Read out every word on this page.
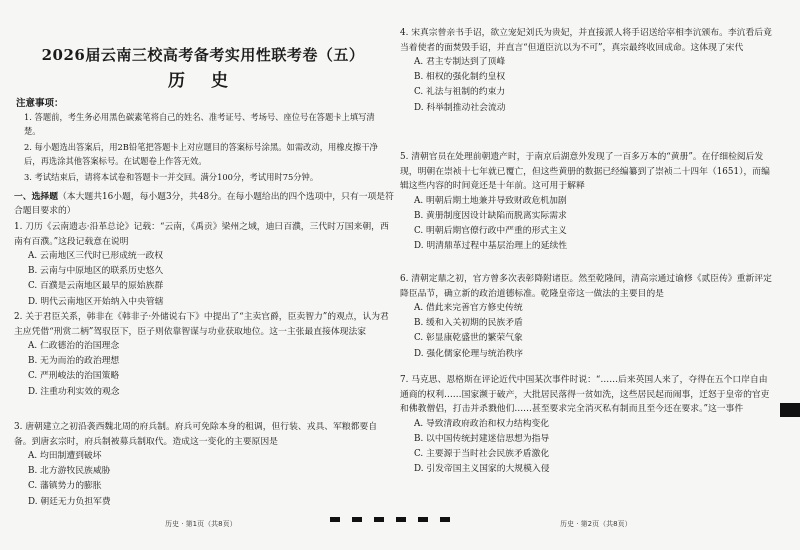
2026届云南三校高考备考实用性联考卷（五）
历 史
注意事项：
1. 答题前，考生务必用黑色碳素笔将自己的姓名、准考证号、考场号、座位号在答题卡上填写清楚。
2. 每小题选出答案后，用2B铅笔把答题卡上对应题目的答案标号涂黑。如需改动，用橡皮擦干净后，再选涂其他答案标号。在试题卷上作答无效。
3. 考试结束后，请将本试卷和答题卡一并交回。满分100分，考试用时75分钟。
一、选择题（本大题共16小题，每小题3分，共48分。在每小题给出的四个选项中，只有一项是符合题目要求的）

1. 刀历《云南遗志·沿革总论》记载：“云南，《禹贡》梁州之域，迪曰百濮，三代时万国来朝，西南有百濮。”这段记载意在说明

A. 云南地区三代时已形成统一政权

B. 云南与中原地区的联系历史悠久

C. 百濮是云南地区最早的原始族群

D. 明代云南地区开始纳入中央管辖

2. 关于君臣关系，韩非在《韩非子·外储说右下》中提出了“主卖官爵，臣卖智力”的观点，认为君主应凭借“刑赏二柄”驾驭臣下，臣子则依靠智谋与功业获取地位。这一主张最直接体现法家

A. 仁政德治的治国理念

B. 无为而治的政治理想

C. 严刑峻法的治国策略

D. 注重功利实效的观念

3. 唐朝建立之初沿袭西魏北周的府兵制。府兵可免除本身的租调，但行装、戎具、军粮都要自备。到唐玄宗时，府兵制被募兵制取代。造成这一变化的主要原因是

A. 均田制遭到破坏

B. 北方游牧民族威胁

C. 藩镇势力的膨胀

D. 朝廷无力负担军费

4. 宋真宗曾亲书手诏，欲立宠妃刘氏为贵妃，并直接派人将手诏送给宰相李沆颁布。李沆看后竟当着使者的面焚毁手诏，并直言“但道臣沆以为不可”，真宗最终收回成命。这体现了宋代

A. 君主专制达到了顶峰

B. 相权的强化制约皇权

C. 礼法与祖制的约束力

D. 科举制推动社会流动

5. 清朝官员在处理前朝遗产时，于南京后湖意外发现了一百多万本的“黄册”。在仔细检阅后发现，明朝在崇祯十七年就已覆亡，但这些黄册的数据已经编纂到了崇祯二十四年（1651），而编辑这些内容的时间竟还是十年前。这可用于解释

A. 明朝后期土地兼并导致财政危机加剧

B. 黄册制度因设计缺陷而脱离实际需求

C. 明朝后期官僚行政中严重的形式主义

D. 明清鼎革过程中基层治理上的延续性

6. 清朝定鼎之初，官方曾多次表彰降附诸臣。然至乾隆间，清高宗通过谕修《贰臣传》重新评定降臣品节，确立新的政治道德标准。乾隆皇帝这一做法的主要目的是

A. 借此来完善官方修史传统

B. 缓和入关初期的民族矛盾

C. 彰显康乾盛世的繁荣气象

D. 强化儒家伦理与统治秩序

7. 马克思、恩格斯在评论近代中国某次事件时说：“……后来英国人来了，夺得在五个口岸自由通商的权利……国家濒于破产，大批居民落得一贫如洗，这些居民起而闹事，迁怒于皇帝的官吏和佛教僧侣，打击并杀戮他们……甚至要求完全消灭私有制而且至今还在要求。”这一事件

A. 导致清政府政治和权力结构变化

B. 以中国传统封建迷信思想为指导

C. 主要源于当时社会民族矛盾激化

D. 引发帝国主义国家的大规模入侵

历史 · 第1页（共8页）	历史 · 第2页（共8页）
